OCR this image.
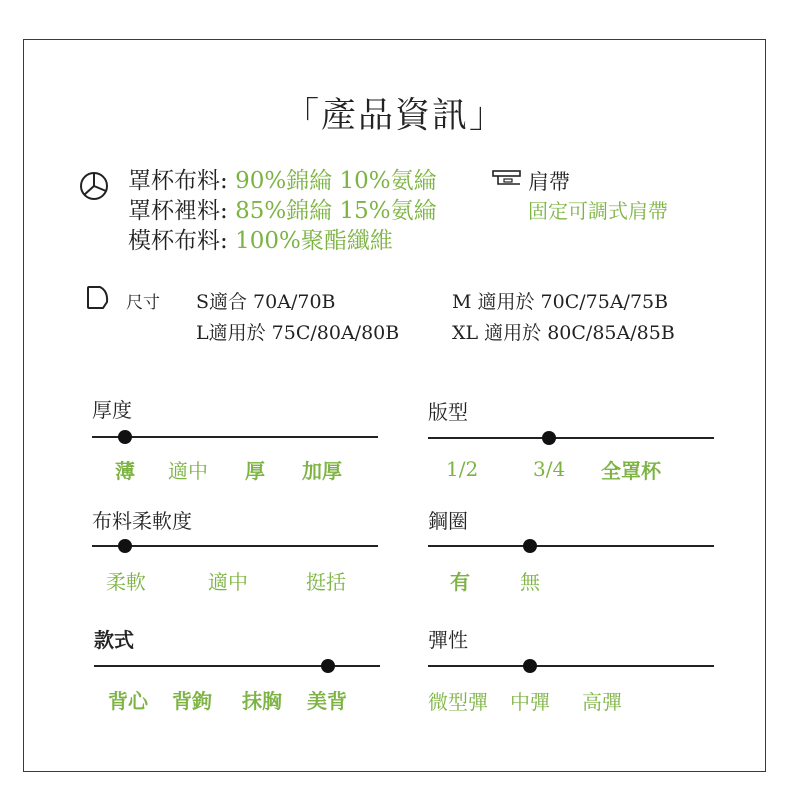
「產品資訊」
罩杯布料: 90%錦綸 10%氨綸
罩杯裡料: 85%錦綸 15%氨綸
模杯布料: 100%聚酯纖維
肩帶
固定可調式肩帶
尺寸 S適合 70A/70B	M 適用於 70C/75A/75B
L適用於 75C/80A/80B	XL 適用於 80C/85A/85B
厚度
薄 適中 厚 加厚
版型
1/2	3/4 全罩杯
布料柔軟度
柔軟	適中	挺括
鋼圈
有	無
款式
背心 背鉤 抹胸 美背
彈性
微型彈 中彈 高彈
